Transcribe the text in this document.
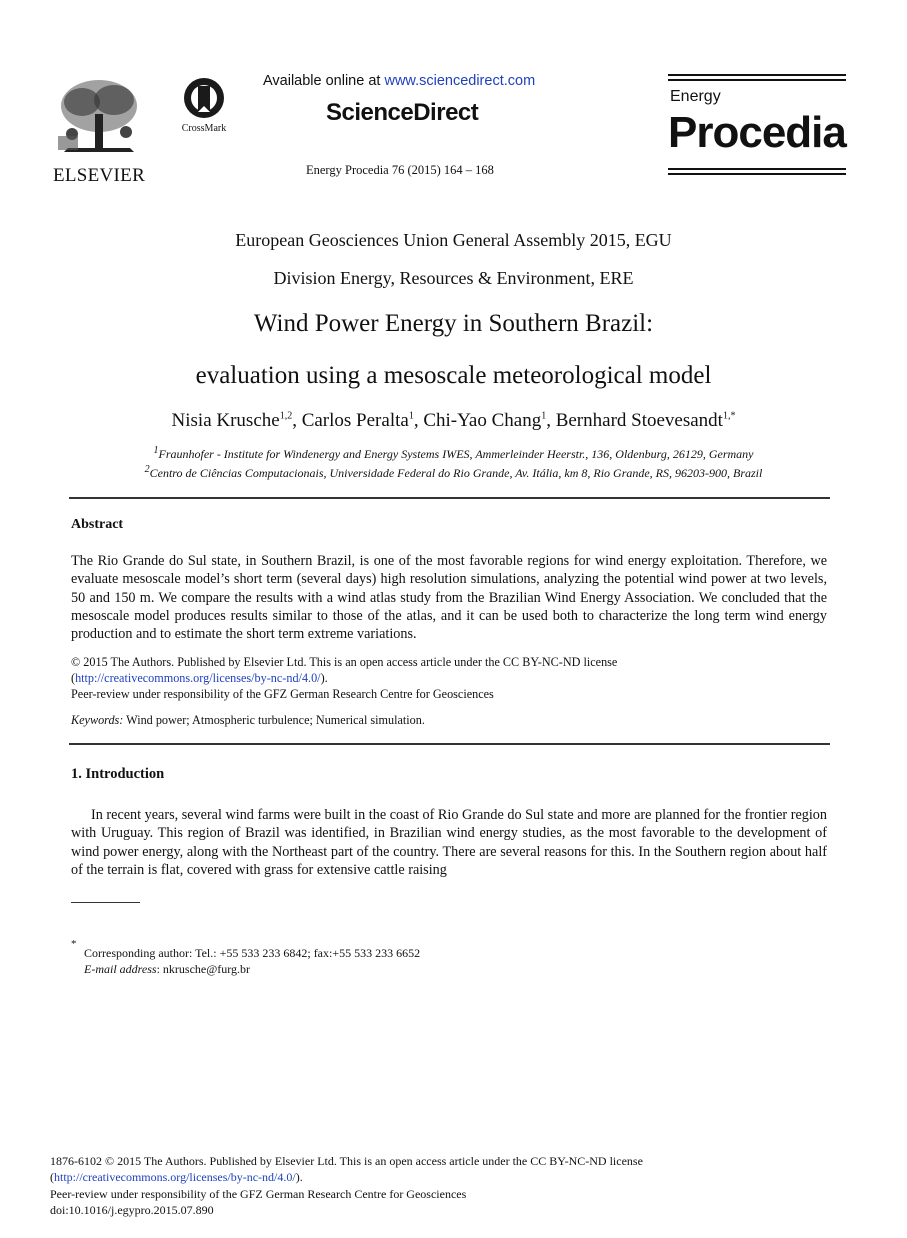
ELSEVIER
CrossMark
Available online at www.sciencedirect.com
ScienceDirect
Energy Procedia 76 (2015) 164 – 168
Energy
Procedia
European Geosciences Union General Assembly 2015, EGU
Division Energy, Resources & Environment, ERE
Wind Power Energy in Southern Brazil:
evaluation using a mesoscale meteorological model
Nisia Krusche$^{1,2}$, Carlos Peralta$^1$, Chi-Yao Chang$^1$, Bernhard Stoevesandt$^{1,*}$
$^1$Fraunhofer - Institute for Windenergy and Energy Systems IWES, Ammerleinder Heerstr., 136, Oldenburg, 26129, Germany
$^2$Centro de Ciências Computacionais, Universidade Federal do Rio Grande, Av. Itália, km 8, Rio Grande, RS, 96203-900, Brazil
Abstract
The Rio Grande do Sul state, in Southern Brazil, is one of the most favorable regions for wind energy exploitation. Therefore, we evaluate mesoscale model’s short term (several days) high resolution simulations, analyzing the potential wind power at two levels, 50 and 150 m. We compare the results with a wind atlas study from the Brazilian Wind Energy Association. We concluded that the mesoscale model produces results similar to those of the atlas, and it can be used both to characterize the long term wind energy production and to estimate the short term extreme variations.
© 2015 The Authors. Published by Elsevier Ltd. This is an open access article under the CC BY-NC-ND license
(http://creativecommons.org/licenses/by-nc-nd/4.0/).
Peer-review under responsibility of the GFZ German Research Centre for Geosciences
Keywords: Wind power; Atmospheric turbulence; Numerical simulation.
1. Introduction
In recent years, several wind farms were built in the coast of Rio Grande do Sul state and more are planned for the frontier region with Uruguay. This region of Brazil was identified, in Brazilian wind energy studies, as the most favorable to the development of wind power energy, along with the Northeast part of the country. There are several reasons for this. In the Southern region about half of the terrain is flat, covered with grass for extensive cattle raising
*
Corresponding author: Tel.: +55 533 233 6842; fax:+55 533 233 6652
E-mail address: nkrusche@furg.br
1876-6102 © 2015 The Authors. Published by Elsevier Ltd. This is an open access article under the CC BY-NC-ND license
(http://creativecommons.org/licenses/by-nc-nd/4.0/).
Peer-review under responsibility of the GFZ German Research Centre for Geosciences
doi:10.1016/j.egypro.2015.07.890
